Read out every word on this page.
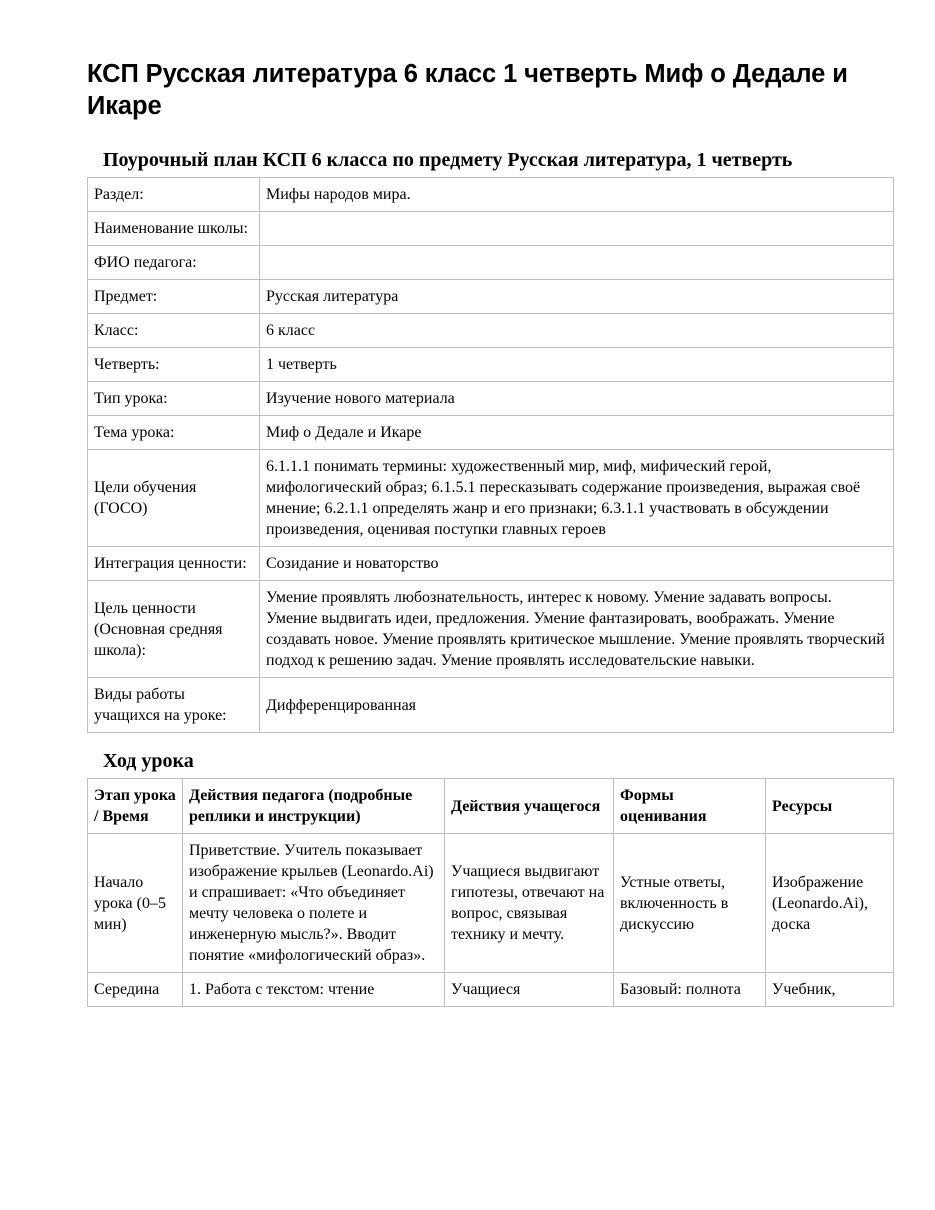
КСП Русская литература 6 класс 1 четверть Миф о Дедале и Икаре
Поурочный план КСП 6 класса по предмету Русская литература, 1 четверть
Раздел:	Мифы народов мира.
Наименование школы:	
ФИО педагога:	
Предмет:	Русская литература
Класс:	6 класс
Четверть:	1 четверть
Тип урока:	Изучение нового материала
Тема урока:	Миф о Дедале и Икаре
Цели обучения (ГОСО)	6.1.1.1 понимать термины: художественный мир, миф, мифический герой, мифологический образ; 6.1.5.1 пересказывать содержание произведения, выражая своё мнение; 6.2.1.1 определять жанр и его признаки; 6.3.1.1 участвовать в обсуждении произведения, оценивая поступки главных героев
Интеграция ценности:	Созидание и новаторство
Цель ценности (Основная средняя школа):	Умение проявлять любознательность, интерес к новому. Умение задавать вопросы. Умение выдвигать идеи, предложения. Умение фантазировать, воображать. Умение создавать новое. Умение проявлять критическое мышление. Умение проявлять творческий подход к решению задач. Умение проявлять исследовательские навыки.
Виды работы учащихся на уроке:	Дифференцированная
Ход урока
Этап урока / Время	Действия педагога (подробные реплики и инструкции)	Действия учащегося	Формы оценивания	Ресурсы
Начало урока (0–5 мин)	Приветствие. Учитель показывает изображение крыльев (Leonardo.Ai) и спрашивает: «Что объединяет мечту человека о полете и инженерную мысль?». Вводит понятие «мифологический образ».	Учащиеся выдвигают гипотезы, отвечают на вопрос, связывая технику и мечту.	Устные ответы, включенность в дискуссию	Изображение (Leonardo.Ai), доска
Середина	1. Работа с текстом: чтение	Учащиеся	Базовый: полнота	Учебник,
